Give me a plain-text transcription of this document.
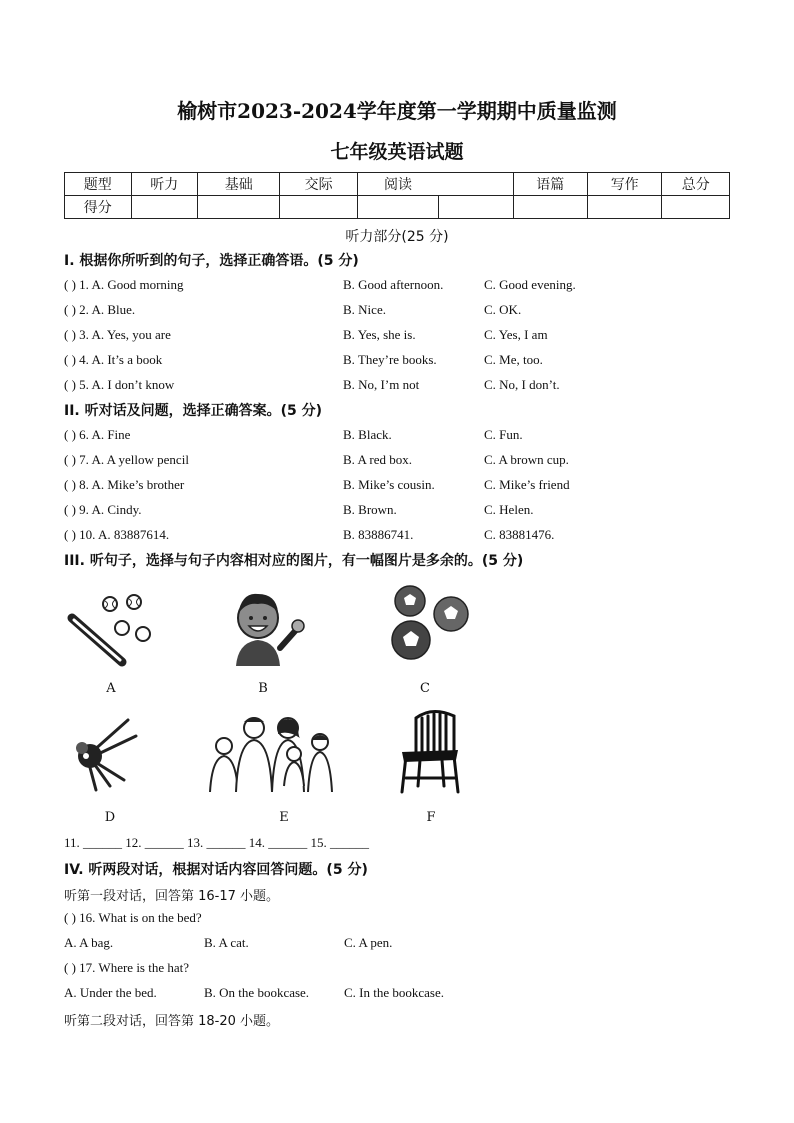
榆树市2023-2024学年度第一学期期中质量监测
七年级英语试题
题型	听力	基础	交际	阅读		语篇	写作	总分
得分								
听力部分(25 分)
I. 根据你所听到的句子，选择正确答语。(5 分)
( ) 1. A. Good morning	B. Good afternoon.	C. Good evening.
( ) 2. A. Blue.	B. Nice.	C. OK.
( ) 3. A. Yes, you are	B. Yes, she is.	C. Yes, I am
( ) 4. A. It’s a book	B. They’re books.	C. Me, too.
( ) 5. A. I don’t know	B. No, I’m not	C. No, I don’t.
II. 听对话及问题，选择正确答案。(5 分)
( ) 6. A. Fine	B. Black.	C. Fun.
( ) 7. A. A yellow pencil	B. A red box.	C. A brown cup.
( ) 8. A. Mike’s brother	B. Mike’s cousin.	C. Mike’s friend
( ) 9. A. Cindy.	B. Brown.	C. Helen.
( ) 10. A. 83887614.	B. 83886741.	C. 83881476.
III. 听句子，选择与句子内容相对应的图片，有一幅图片是多余的。(5 分)
A	B	C
D	E	F
11. ______ 12. ______ 13. ______ 14. ______ 15. ______
IV. 听两段对话，根据对话内容回答问题。(5 分)
听第一段对话，回答第 16-17 小题。
( ) 16. What is on the bed?
A. A bag.	B. A cat.	C. A pen.
( ) 17. Where is the hat?
A. Under the bed.	B. On the bookcase.	C. In the bookcase.
听第二段对话，回答第 18-20 小题。
